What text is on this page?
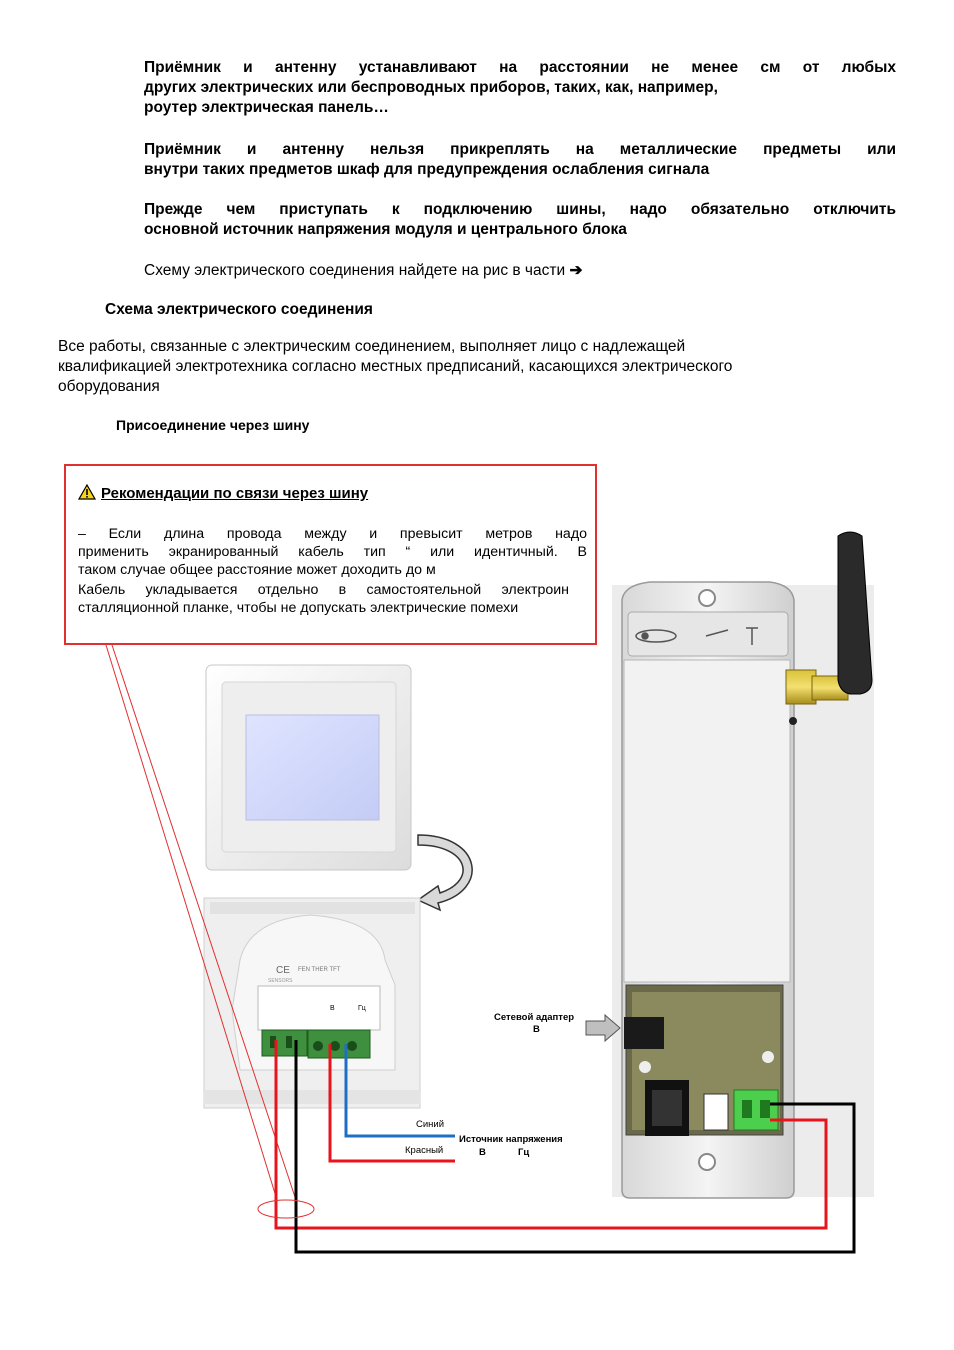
Приёмник и антенну устанавливают на расстоянии не менее см от любых
других электрических или беспроводных приборов, таких, как, например,
роутер электрическая панель…
Приёмник и антенну нельзя прикреплять на металлические предметы или
внутри таких предметов шкаф для предупреждения ослабления сигнала
Прежде чем приступать к подключению шины, надо обязательно отключить
основной источник напряжения модуля и центрального блока
Схему электрического соединения найдете на рис в части ➔
Схема электрического соединения
Все работы, связанные с электрическим соединением, выполняет лицо с надлежащей
квалификацией электротехника согласно местных предписаний, касающихся электрического
оборудования
Присоединение через шину
CE FEN THER TFT
SENSORS
В	Гц
Сетевой адаптер
В
Синий
Красный
Источник напряжения
В	Гц
Рекомендации по связи через шину
– Если длина провода между и превысит метров надо
применить экранированный кабель тип “ или идентичный. В
таком случае общее расстояние может доходить до м
Кабель укладывается отдельно в самостоятельной электроин
сталляционной планке, чтобы не допускать электрические помехи
